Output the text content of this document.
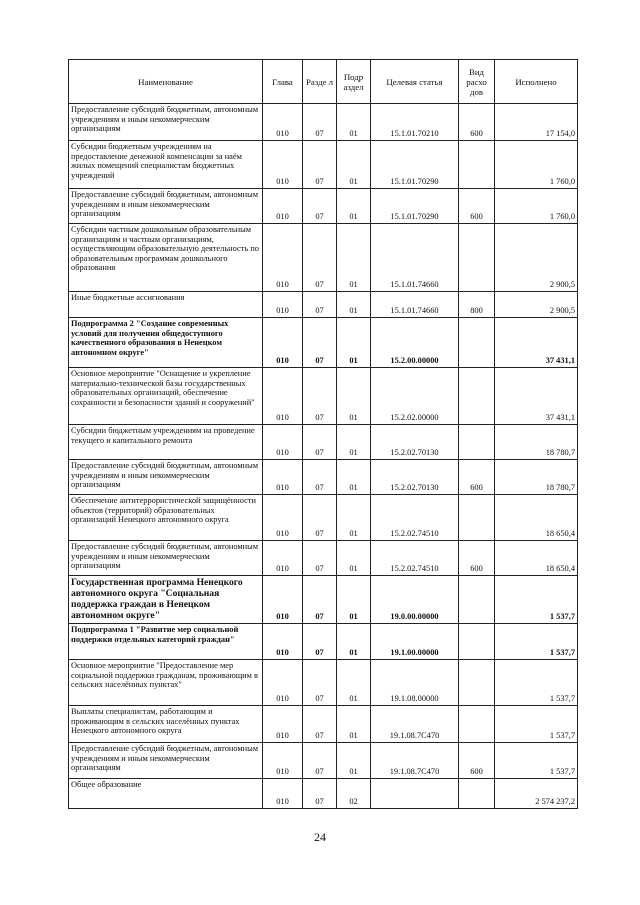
Наименование	Глава	Разде л	Подр аздел	Целевая статья	Вид расхо дов	Исполнено
Предоставление субсидий бюджетным, автономным учреждениям и иным некоммерческим организациям	010	07	01	15.1.01.70210	600	17 154,0
Субсидии бюджетным учреждениям на предоставление денежной компенсации за наём жилых помещений специалистам бюджетных учреждений	010	07	01	15.1.01.70290		1 760,0
Предоставление субсидий бюджетным, автономным учреждениям и иным некоммерческим организациям	010	07	01	15.1.01.70290	600	1 760,0
Субсидии частным дошкольным образовательным организациям и частным организациям, осуществляющим образовательную деятельность по образовательным программам дошкольного образования	010	07	01	15.1.01.74660		2 900,5
Иные бюджетные ассигнования	010	07	01	15.1.01.74660	800	2 900,5
Подпрограмма 2 "Создание современных условий для получения общедоступного качественного образования в Ненецком автономном округе"	010	07	01	15.2.00.00000		37 431,1
Основное мероприятие "Оснащение и укрепление материально-технической базы государственных образовательных организаций, обеспечение сохранности и безопасности зданий и сооружений"	010	07	01	15.2.02.00000		37 431,1
Субсидии бюджетным учреждениям на проведение текущего и капитального ремонта	010	07	01	15.2.02.70130		18 780,7
Предоставление субсидий бюджетным, автономным учреждениям и иным некоммерческим организациям	010	07	01	15.2.02.70130	600	18 780,7
Обеспечение антитеррористической защищённости объектов (территорий) образовательных организаций Ненецкого автономного округа	010	07	01	15.2.02.74510		18 650,4
Предоставление субсидий бюджетным, автономным учреждениям и иным некоммерческим организациям	010	07	01	15.2.02.74510	600	18 650,4
Государственная программа Ненецкого автономного округа "Социальная поддержка граждан в Ненецком автономном округе"	010	07	01	19.0.00.00000		1 537,7
Подпрограмма 1 "Развитие мер социальной поддержки отдельных категорий граждан"	010	07	01	19.1.00.00000		1 537,7
Основное мероприятие "Предоставление мер социальной поддержки гражданам, проживающим в сельских населённых пунктах"	010	07	01	19.1.08.00000		1 537,7
Выплаты специалистам, работающим и проживающим в сельских населённых пунктах Ненецкого автономного округа	010	07	01	19.1.08.7С470		1 537,7
Предоставление субсидий бюджетным, автономным учреждениям и иным некоммерческим организациям	010	07	01	19.1.08.7С470	600	1 537,7
Общее образование	010	07	02			2 574 237,2
24
